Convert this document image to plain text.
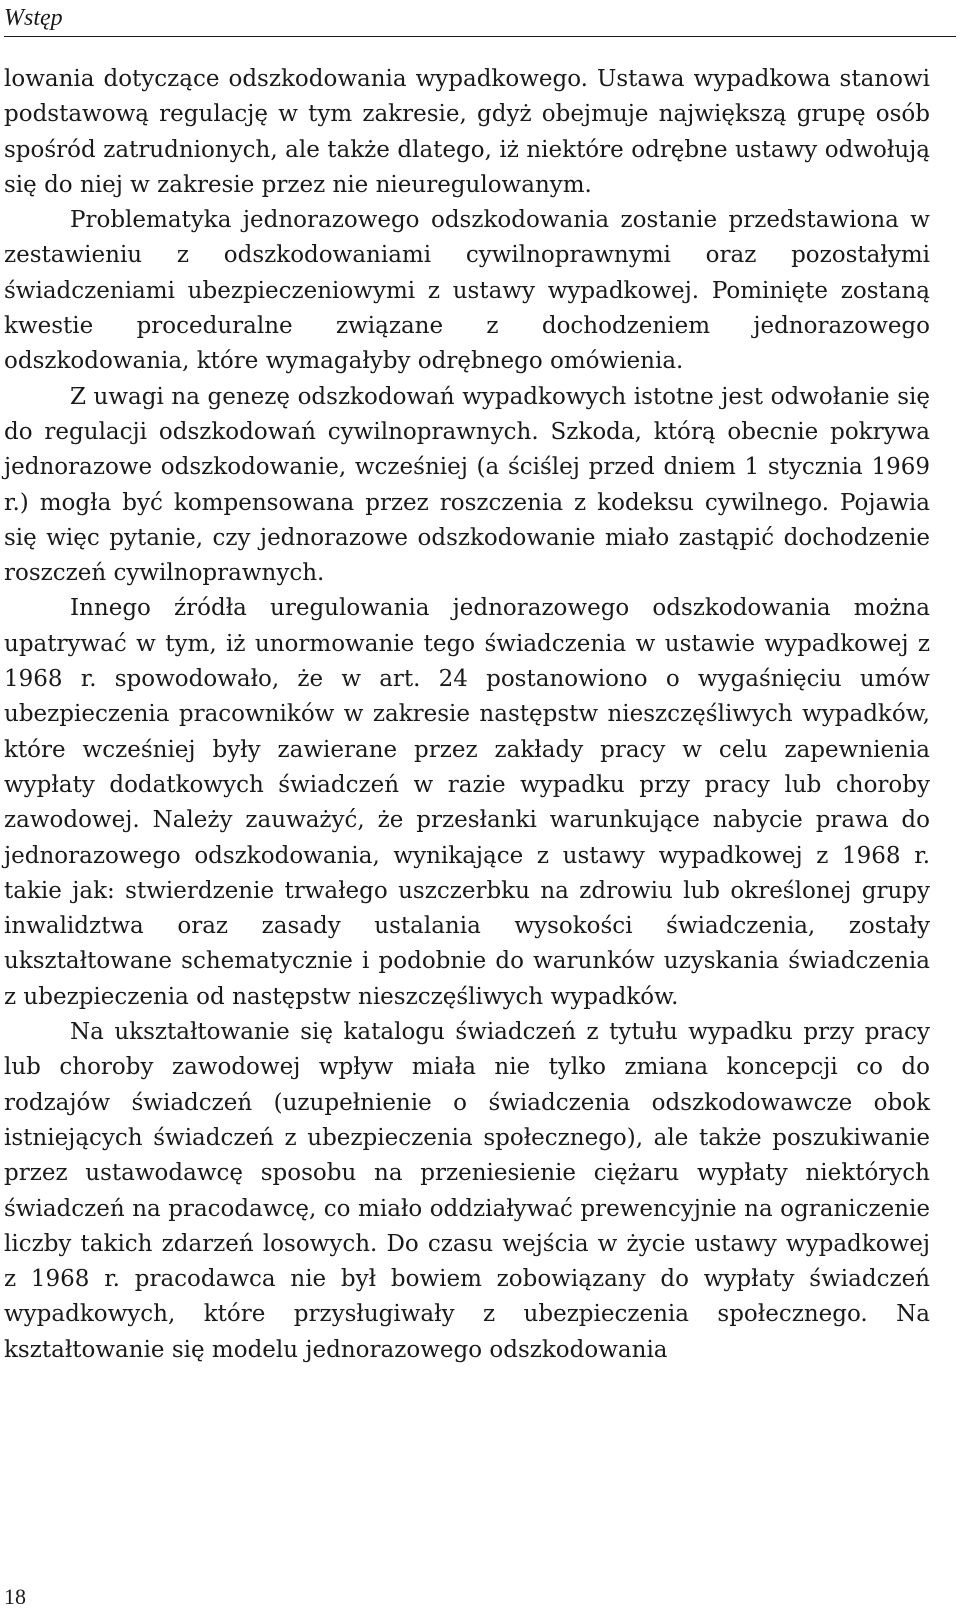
Wstęp

lowania dotyczące odszkodowania wypadkowego. Ustawa wypadkowa stanowi podstawową regulację w tym zakresie, gdyż obejmuje największą grupę osób spośród zatrudnionych, ale także dlatego, iż niektóre odrębne ustawy odwołują się do niej w zakresie przez nie nieuregulowanym.

Problematyka jednorazowego odszkodowania zostanie przedstawiona w zestawieniu z odszkodowaniami cywilnoprawnymi oraz pozostałymi świadczeniami ubezpieczeniowymi z ustawy wypadkowej. Pominięte zostaną kwestie proceduralne związane z dochodzeniem jednorazowego odszkodowania, które wymagałyby odrębnego omówienia.

Z uwagi na genezę odszkodowań wypadkowych istotne jest odwołanie się do regulacji odszkodowań cywilnoprawnych. Szkoda, którą obecnie pokrywa jednorazowe odszkodowanie, wcześniej (a ściślej przed dniem 1 stycznia 1969 r.) mogła być kompensowana przez roszczenia z kodeksu cywilnego. Pojawia się więc pytanie, czy jednorazowe odszkodowanie miało zastąpić dochodzenie roszczeń cywilnoprawnych.

Innego źródła uregulowania jednorazowego odszkodowania można upatrywać w tym, iż unormowanie tego świadczenia w ustawie wypadkowej z 1968 r. spowodowało, że w art. 24 postanowiono o wygaśnięciu umów ubezpieczenia pracowników w zakresie następstw nieszczęśliwych wypadków, które wcześniej były zawierane przez zakłady pracy w celu zapewnienia wypłaty dodatkowych świadczeń w razie wypadku przy pracy lub choroby zawodowej. Należy zauważyć, że przesłanki warunkujące nabycie prawa do jednorazowego odszkodowania, wynikające z ustawy wypadkowej z 1968 r. takie jak: stwierdzenie trwałego uszczerbku na zdrowiu lub określonej grupy inwalidztwa oraz zasady ustalania wysokości świadczenia, zostały ukształtowane schematycznie i podobnie do warunków uzyskania świadczenia z ubezpieczenia od następstw nieszczęśliwych wypadków.

Na ukształtowanie się katalogu świadczeń z tytułu wypadku przy pracy lub choroby zawodowej wpływ miała nie tylko zmiana koncepcji co do rodzajów świadczeń (uzupełnienie o świadczenia odszkodowawcze obok istniejących świadczeń z ubezpieczenia społecznego), ale także poszukiwanie przez ustawodawcę sposobu na przeniesienie ciężaru wypłaty niektórych świadczeń na pracodawcę, co miało oddziaływać prewencyjnie na ograniczenie liczby takich zdarzeń losowych. Do czasu wejścia w życie ustawy wypadkowej z 1968 r. pracodawca nie był bowiem zobowiązany do wypłaty świadczeń wypadkowych, które przysługiwały z ubezpieczenia społecznego. Na kształtowanie się modelu jednorazowego odszkodowania

18
